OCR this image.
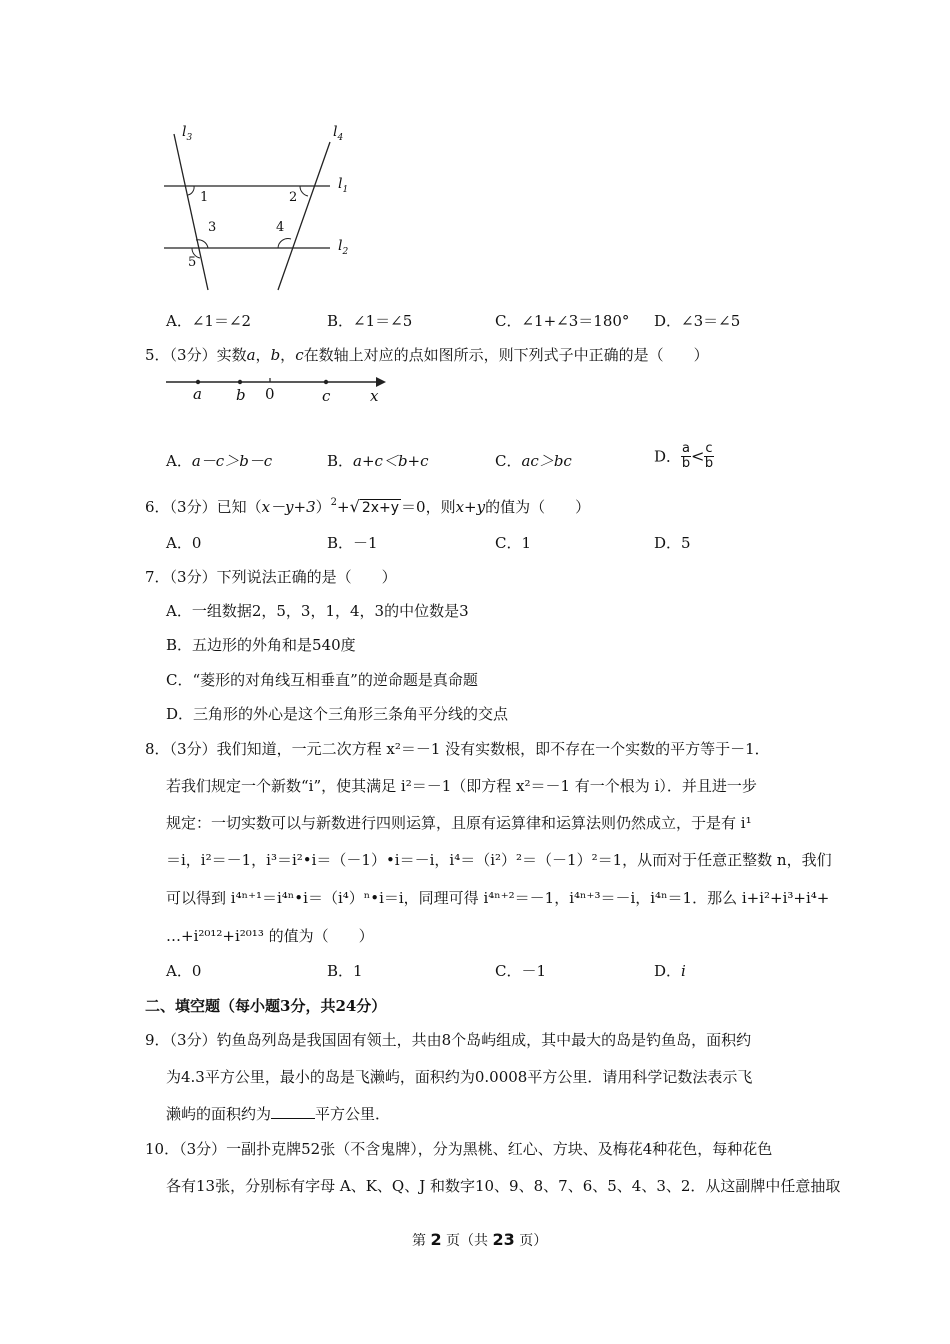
$l_3$	$l_4$
$l_1$
$l_2$
1	2
3	4
5
A．∠1＝∠2	B．∠1＝∠5	C．∠1+∠3＝180° D．∠3＝∠5
5．（3分）实数a，b，c在数轴上对应的点如图所示，则下列式子中正确的是（　　）
a b 0	c	x
A．a－c＞b－c	B．a+c＜b+c	C．ac＞bc	D． $\frac{a}{b} < \frac{c}{b}$
6．（3分）已知$(x-y+3)^2+√$ 2x+y ＝0，则x+y的值为（　　）
A．0	B．－1	C．1	D．5
7．（3分）下列说法正确的是（　　）
A．一组数据2，5，3，1，4，3的中位数是3
B．五边形的外角和是540度
C．“菱形的对角线互相垂直”的逆命题是真命题
D．三角形的外心是这个三角形三条角平分线的交点
8．（3分）我们知道，一元二次方程 x²＝－1 没有实数根，即不存在一个实数的平方等于－1．
若我们规定一个新数“i”，使其满足 i²＝－1（即方程 x²＝－1 有一个根为 i）．并且进一步
规定：一切实数可以与新数进行四则运算，且原有运算律和运算法则仍然成立，于是有 i¹
＝i，i²＝－1，i³＝i²•i＝（－1）•i＝－i，i⁴＝（i²）²＝（－1）²＝1，从而对于任意正整数 n，我们
可以得到 i⁴ⁿ⁺¹＝i⁴ⁿ•i＝（i⁴）ⁿ•i＝i，同理可得 i⁴ⁿ⁺²＝－1，i⁴ⁿ⁺³＝－i，i⁴ⁿ＝1．那么 i+i²+i³+i⁴+
…+i²⁰¹²+i²⁰¹³ 的值为（　　）
A．0	B．1	C．－1	D．i
二、填空题（每小题3分，共24分）
9．（3分）钓鱼岛列岛是我国固有领土，共由8个岛屿组成，其中最大的岛是钓鱼岛，面积约
为4.3平方公里，最小的岛是飞濑屿，面积约为0.0008平方公里．请用科学记数法表示飞
濑屿的面积约为	平方公里．
10．（3分）一副扑克牌52张（不含鬼牌），分为黑桃、红心、方块、及梅花4种花色，每种花色
各有13张，分别标有字母 A、K、Q、J 和数字10、9、8、7、6、5、4、3、2．从这副牌中任意抽取
第 2 页（共 23 页）
